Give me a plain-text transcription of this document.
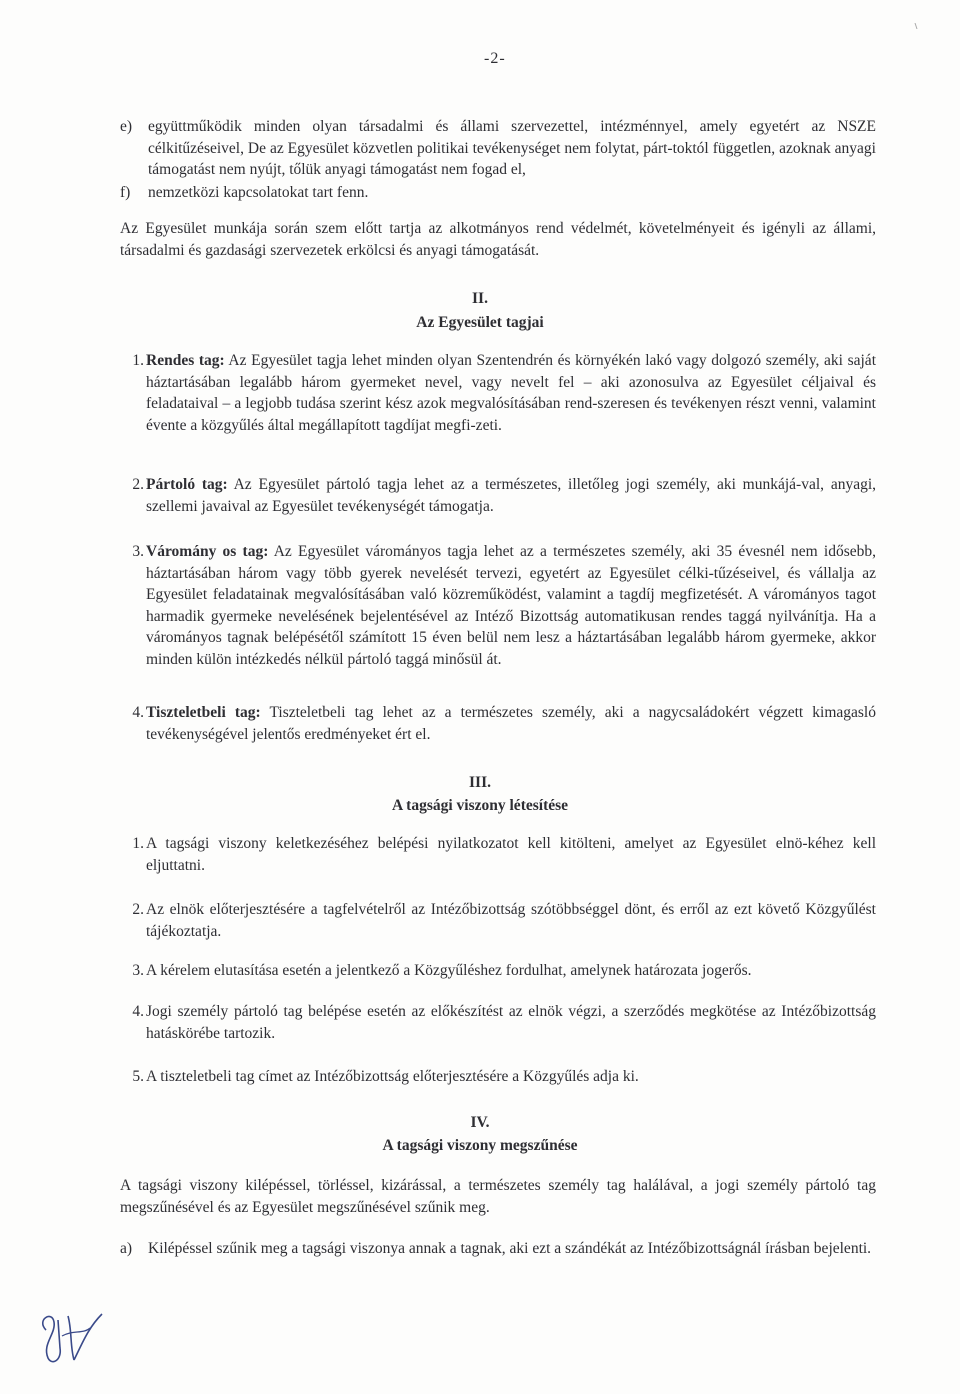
-2-
e) együttműködik minden olyan társadalmi és állami szervezettel, intézménnyel, amely egyetért az NSZE célkitűzéseivel, De az Egyesület közvetlen politikai tevékenységet nem folytat, párt-toktól független, azoknak anyagi támogatást nem nyújt, tőlük anyagi támogatást nem fogad el,
f) nemzetközi kapcsolatokat tart fenn.
Az Egyesület munkája során szem előtt tartja az alkotmányos rend védelmét, követelményeit és igényli az állami, társadalmi és gazdasági szervezetek erkölcsi és anyagi támogatását.
II.
Az Egyesület tagjai
1. Rendes tag: Az Egyesület tagja lehet minden olyan Szentendrén és környékén lakó vagy dolgozó személy, aki saját háztartásában legalább három gyermeket nevel, vagy nevelt fel – aki azonosulva az Egyesület céljaival és feladataival – a legjobb tudása szerint kész azok megvalósításában rend-szeresen és tevékenyen részt venni, valamint évente a közgyűlés által megállapított tagdíjat megfi-zeti.
2. Pártoló tag: Az Egyesület pártoló tagja lehet az a természetes, illetőleg jogi személy, aki munkájá-val, anyagi, szellemi javaival az Egyesület tevékenységét támogatja.
3. Váromány os tag: Az Egyesület várományos tagja lehet az a természetes személy, aki 35 évesnél nem idősebb, háztartásában három vagy több gyerek nevelését tervezi, egyetért az Egyesület célki-tűzéseivel, és vállalja az Egyesület feladatainak megvalósításában való közreműködést, valamint a tagdíj megfizetését. A várományos tagot harmadik gyermeke nevelésének bejelentésével az Intéző Bizottság automatikusan rendes taggá nyilvánítja. Ha a várományos tagnak belépésétől számított 15 éven belül nem lesz a háztartásában legalább három gyermeke, akkor minden külön intézkedés nélkül pártoló taggá minősül át.
4. Tiszteletbeli tag: Tiszteletbeli tag lehet az a természetes személy, aki a nagycsaládokért végzett kimagasló tevékenységével jelentős eredményeket ért el.
III.
A tagsági viszony létesítése
1. A tagsági viszony keletkezéséhez belépési nyilatkozatot kell kitölteni, amelyet az Egyesület elnö-kéhez kell eljuttatni.
2. Az elnök előterjesztésére a tagfelvételről az Intézőbizottság szótöbbséggel dönt, és erről az ezt követő Közgyűlést tájékoztatja.
3. A kérelem elutasítása esetén a jelentkező a Közgyűléshez fordulhat, amelynek határozata jogerős.
4. Jogi személy pártoló tag belépése esetén az előkészítést az elnök végzi, a szerződés megkötése az Intézőbizottság hatáskörébe tartozik.
5. A tiszteletbeli tag címet az Intézőbizottság előterjesztésére a Közgyűlés adja ki.
IV.
A tagsági viszony megszűnése
A tagsági viszony kilépéssel, törléssel, kizárással, a természetes személy tag halálával, a jogi személy pártoló tag megszűnésével és az Egyesület megszűnésével szűnik meg.
a) Kilépéssel szűnik meg a tagsági viszonya annak a tagnak, aki ezt a szándékát az Intézőbizottságnál írásban bejelenti.
